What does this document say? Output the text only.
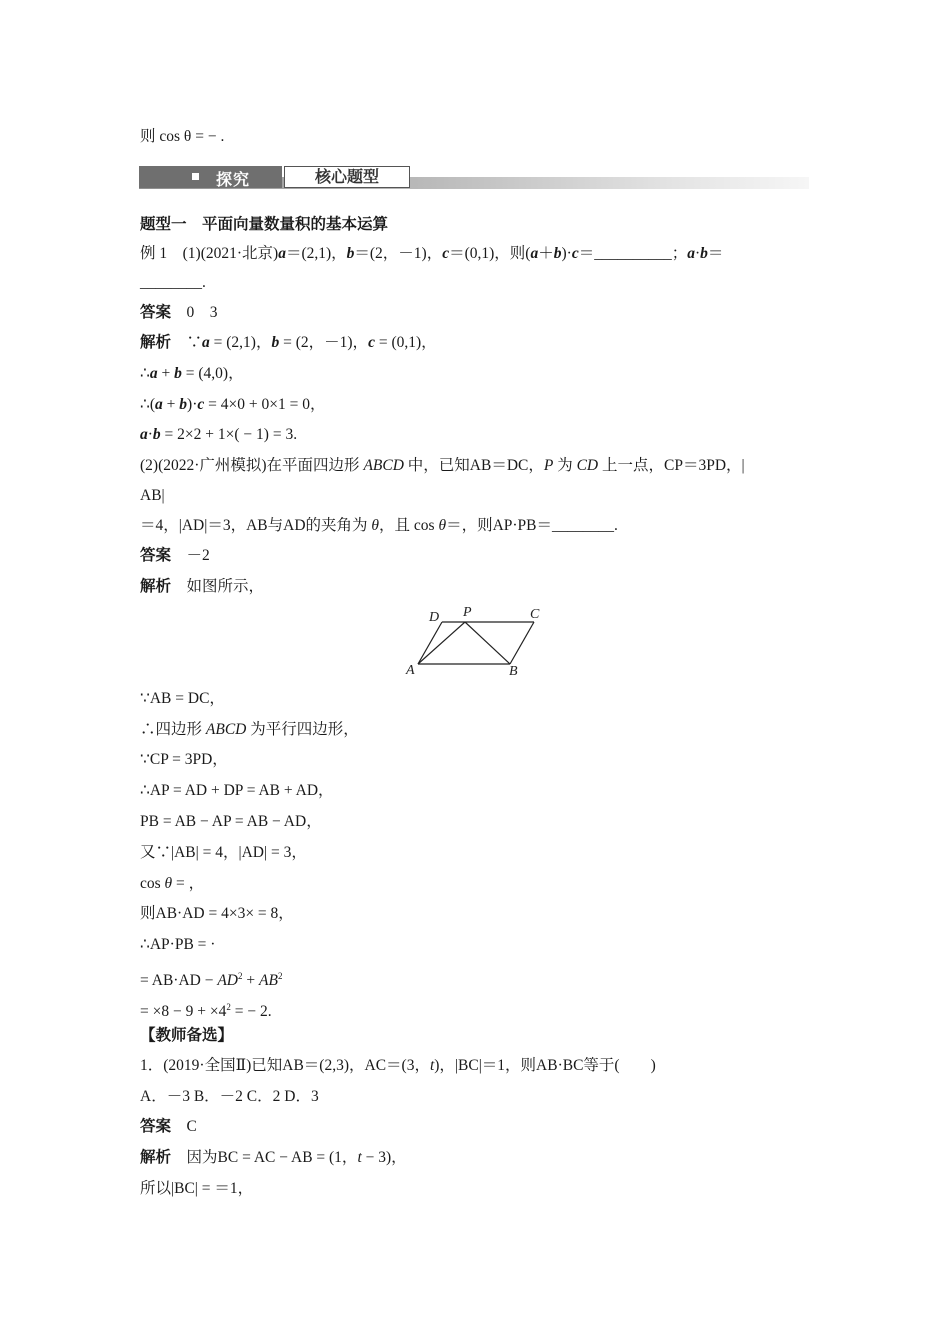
则 cos θ = − .
探究	核心题型
题型一　平面向量数量积的基本运算
例 1　(1)(2021·北京)a＝(2,1)，b＝(2，－1)，c＝(0,1)，则(a＋b)·c＝__________；a·b＝
________.
答案　0　3
解析　∵a = (2,1)，b = (2，－1)，c = (0,1)，
∴a + b = (4,0)，
∴(a + b)·c = 4×0 + 0×1 = 0，
a·b = 2×2 + 1×( − 1) = 3.
(2)(2022·广州模拟)在平面四边形 ABCD 中，已知AB＝DC，P 为 CD 上一点，CP＝3PD，|
AB|
＝4，|AD|＝3，AB与AD的夹角为 θ，且 cos θ＝，则AP·PB＝________.
答案　－2
解析　如图所示，
D P	C
A	B
∵AB = DC，
∴四边形 ABCD 为平行四边形，
∵CP = 3PD，
∴AP = AD + DP = AB + AD，
PB = AB − AP = AB − AD，
又∵|AB| = 4，|AD| = 3，
cos θ = ，
则AB·AD = 4×3× = 8，
∴AP·PB = ·
= $AB\cdot AD - AD^2 + AB^2$
= $\times 8 - 9 + \times 4^2$ = − 2.
【教师备选】
1．(2019·全国Ⅱ)已知AB＝(2,3)，AC＝(3，t)，|BC|＝1，则AB·BC等于(　　)
A．－3 B．－2 C．2 D．3
答案　C
解析　因为BC = AC − AB = (1，t − 3)，
所以|BC| = ＝1，
